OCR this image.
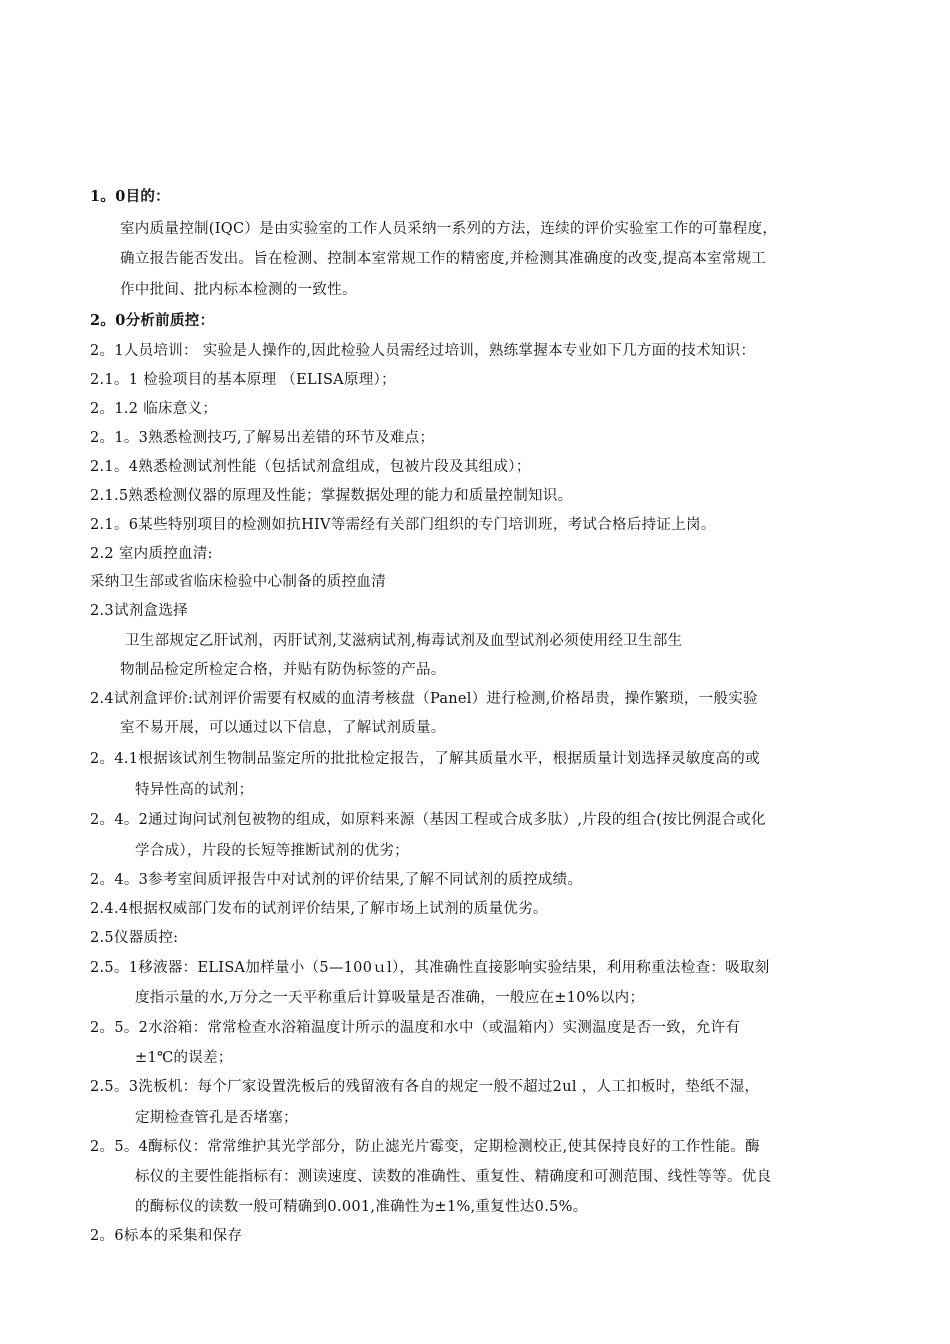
1。0目的：
室内质量控制(IQC）是由实验室的工作人员采纳一系列的方法，连续的评价实验室工作的可靠程度，
确立报告能否发出。旨在检测、控制本室常规工作的精密度,并检测其准确度的改变,提高本室常规工
作中批间、批内标本检测的一致性。
2。0分析前质控：
2。1人员培训： 实验是人操作的,因此检验人员需经过培训，熟练掌握本专业如下几方面的技术知识：
2.1。1 检验项目的基本原理 （ELISA原理）；
2。1.2 临床意义；
2。1。3熟悉检测技巧,了解易出差错的环节及难点；
2.1。4熟悉检测试剂性能（包括试剂盒组成，包被片段及其组成）；
2.1.5熟悉检测仪器的原理及性能；掌握数据处理的能力和质量控制知识。
2.1。6某些特别项目的检测如抗HIV等需经有关部门组织的专门培训班，考试合格后持证上岗。
2.2 室内质控血清:
采纳卫生部或省临床检验中心制备的质控血清
2.3试剂盒选择
卫生部规定乙肝试剂，丙肝试剂,艾滋病试剂,梅毒试剂及血型试剂必须使用经卫生部生
物制品检定所检定合格，并贴有防伪标签的产品。
2.4试剂盒评价:试剂评价需要有权威的血清考核盘（Panel）进行检测,价格昂贵，操作繁琐，一般实验
室不易开展，可以通过以下信息，了解试剂质量。
2。4.1根据该试剂生物制品鉴定所的批批检定报告，了解其质量水平，根据质量计划选择灵敏度高的或
特异性高的试剂；
2。4。2通过询问试剂包被物的组成，如原料来源（基因工程或合成多肽）,片段的组合(按比例混合或化
学合成），片段的长短等推断试剂的优劣；
2。4。3参考室间质评报告中对试剂的评价结果,了解不同试剂的质控成绩。
2.4.4根据权威部门发布的试剂评价结果,了解市场上试剂的质量优劣。
2.5仪器质控:
2.5。1移液器：ELISA加样量小（5—100ｕl），其准确性直接影响实验结果，利用称重法检查：吸取刻
度指示量的水,万分之一天平称重后计算吸量是否准确，一般应在±10%以内；
2。5。2水浴箱：常常检查水浴箱温度计所示的温度和水中（或温箱内）实测温度是否一致，允许有
±1℃的误差；
2.5。3洗板机：每个厂家设置洗板后的残留液有各自的规定一般不超过2ul ，人工扣板时，垫纸不湿，
定期检查管孔是否堵塞；
2。5。4酶标仪：常常维护其光学部分，防止滤光片霉变，定期检测校正,使其保持良好的工作性能。酶
标仪的主要性能指标有：测读速度、读数的准确性、重复性、精确度和可测范围、线性等等。优良
的酶标仪的读数一般可精确到0.001,准确性为±1%,重复性达0.5%。
2。6标本的采集和保存
